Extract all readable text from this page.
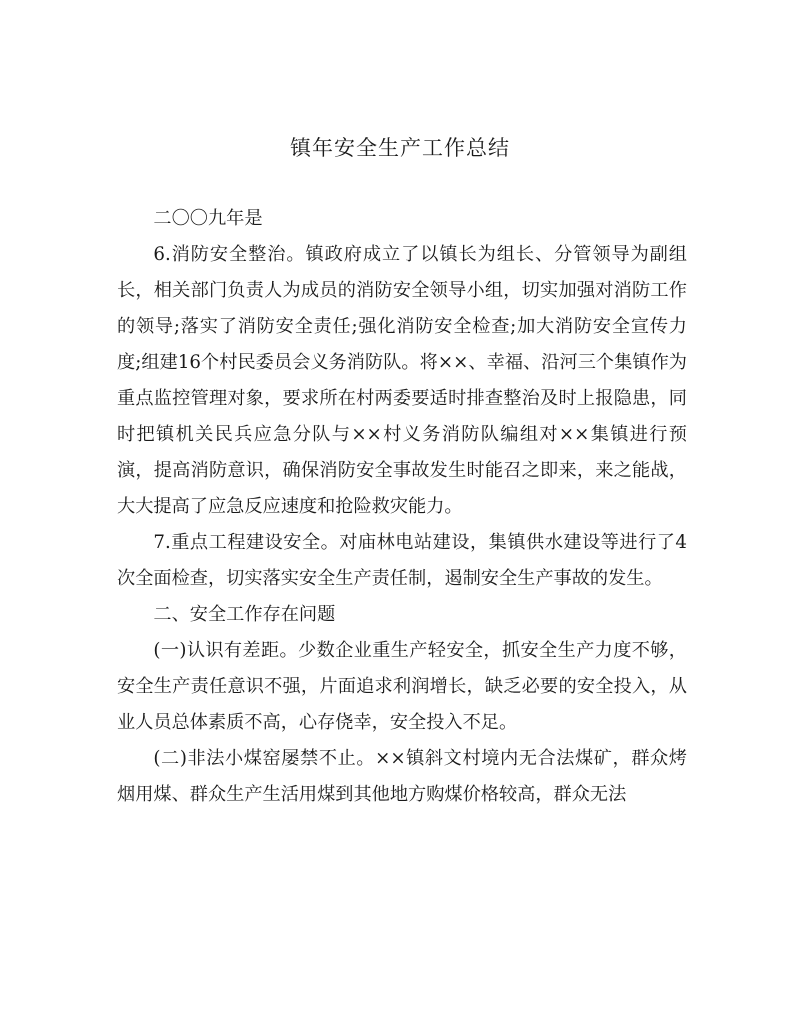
镇年安全生产工作总结

二〇〇九年是

6.消防安全整治。镇政府成立了以镇长为组长、分管领导为副组长，相关部门负责人为成员的消防安全领导小组，切实加强对消防工作的领导;落实了消防安全责任;强化消防安全检查;加大消防安全宣传力度;组建16个村民委员会义务消防队。将××、幸福、沿河三个集镇作为重点监控管理对象，要求所在村两委要适时排查整治及时上报隐患，同时把镇机关民兵应急分队与××村义务消防队编组对××集镇进行预演，提高消防意识，确保消防安全事故发生时能召之即来，来之能战，大大提高了应急反应速度和抢险救灾能力。

7.重点工程建设安全。对庙林电站建设，集镇供水建设等进行了4次全面检查，切实落实安全生产责任制，遏制安全生产事故的发生。

二、安全工作存在问题

(一)认识有差距。少数企业重生产轻安全，抓安全生产力度不够，安全生产责任意识不强，片面追求利润增长，缺乏必要的安全投入，从业人员总体素质不高，心存侥幸，安全投入不足。

(二)非法小煤窑屡禁不止。××镇斜文村境内无合法煤矿，群众烤烟用煤、群众生产生活用煤到其他地方购煤价格较高，群众无法
